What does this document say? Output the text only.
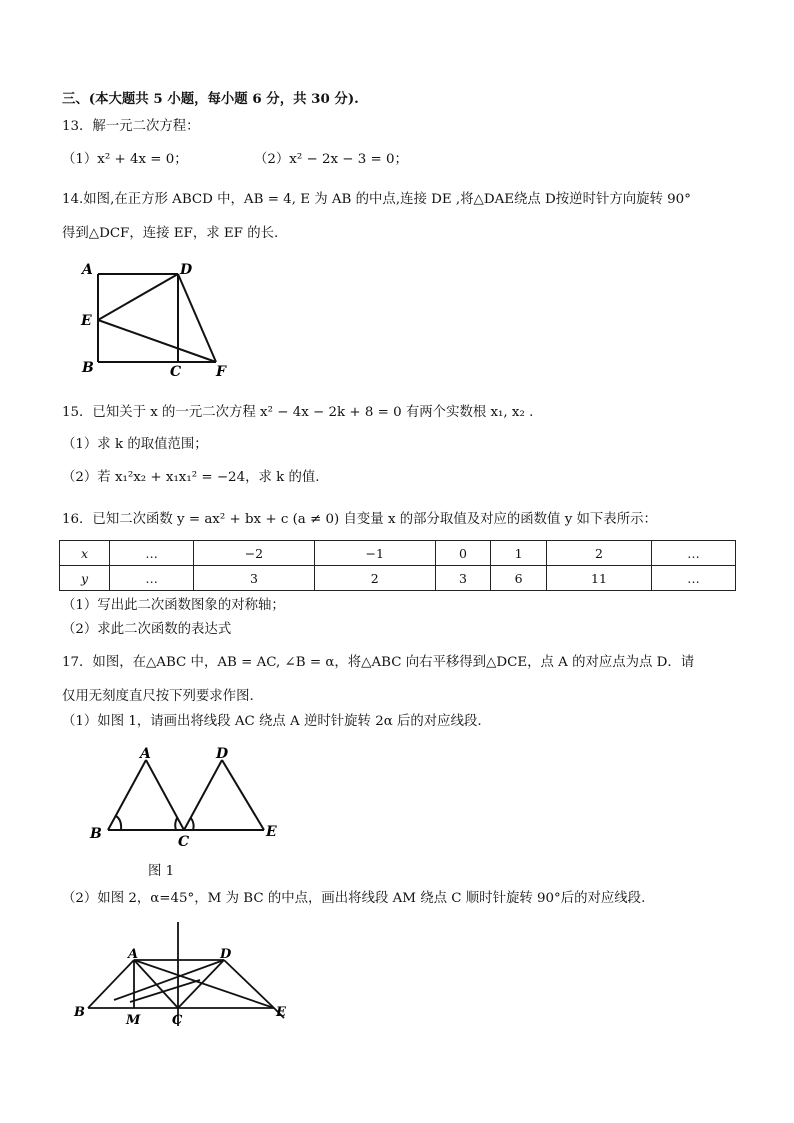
三、(本大题共 5 小题，每小题 6 分，共 30 分).
13．解一元二次方程：
（1）x² + 4x = 0；	（2）x² − 2x − 3 = 0；
14.如图,在正方形 ABCD 中，AB = 4, E 为 AB 的中点,连接 DE ,将△DAE绕点 D按逆时针方向旋转 90°
得到△DCF，连接 EF，求 EF 的长.
A	D
E
B	C F
15．已知关于 x 的一元二次方程 x² − 4x − 2k + 8 = 0 有两个实数根 x₁, x₂ .
（1）求 k 的取值范围；
（2）若 x₁²x₂ + x₁x₁² = −24，求 k 的值.
16．已知二次函数 y = ax² + bx + c (a ≠ 0) 自变量 x 的部分取值及对应的函数值 y 如下表所示：
x	…	−2	−1	0	1	2	…
y	…	3	2	3	6	11	…
（1）写出此二次函数图象的对称轴；
（2）求此二次函数的表达式
17．如图，在△ABC 中，AB = AC, ∠B = α，将△ABC 向右平移得到△DCE，点 A 的对应点为点 D．请
仅用无刻度直尺按下列要求作图.
（1）如图 1，请画出将线段 AC 绕点 A 逆时针旋转 2α 后的对应线段.
A	D
B	C
E
图 1
（2）如图 2，α=45°，M 为 BC 的中点，画出将线段 AM 绕点 C 顺时针旋转 90°后的对应线段.
A	D
B
M C
E
